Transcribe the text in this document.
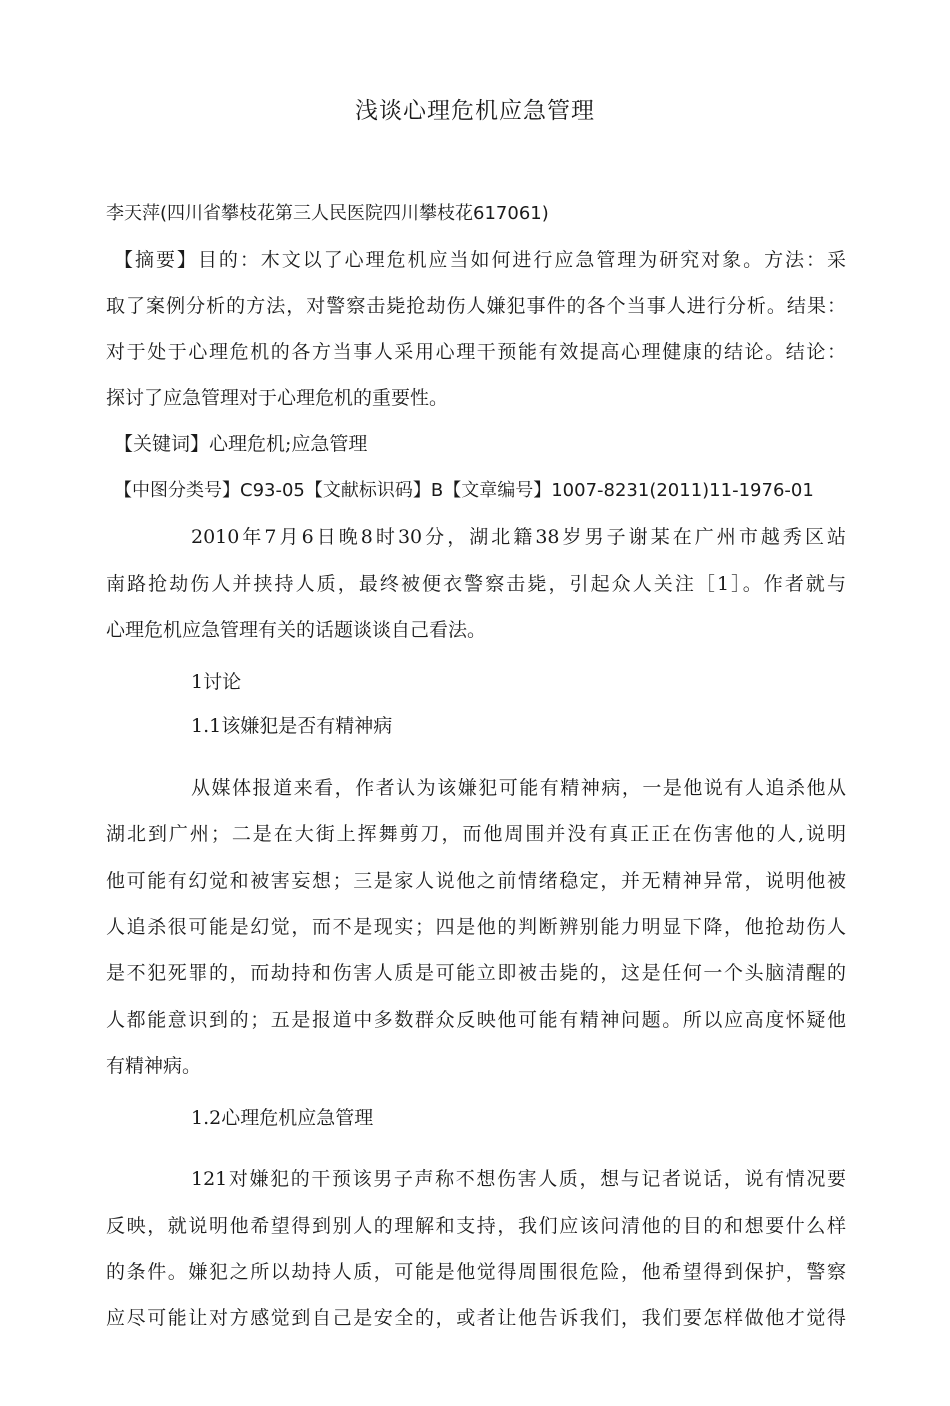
浅谈心理危机应急管理
李天萍(四川省攀枝花第三人民医院四川攀枝花617061)
【摘要】目的：木文以了心理危机应当如何进行应急管理为研究对象。方法：采
取了案例分析的方法，对警察击毙抢劫伤人嫌犯事件的各个当事人进行分析。结果：
对于处于心理危机的各方当事人采用心理干预能有效提高心理健康的结论。结论：
探讨了应急管理对于心理危机的重要性。
【关键词】心理危机;应急管理
【中图分类号】C93-05【文献标识码】B【文章编号】1007-8231(2011)11-1976-01
2010年7月6日晚8时30分，湖北籍38岁男子谢某在广州市越秀区站
南路抢劫伤人并挟持人质，最终被便衣警察击毙，引起众人关注［1］。作者就与
心理危机应急管理有关的话题谈谈自己看法。
1讨论
1.1该嫌犯是否有精神病
从媒体报道来看，作者认为该嫌犯可能有精神病，一是他说有人追杀他从
湖北到广州；二是在大街上挥舞剪刀，而他周围并没有真正正在伤害他的人,说明
他可能有幻觉和被害妄想；三是家人说他之前情绪稳定，并无精神异常，说明他被
人追杀很可能是幻觉，而不是现实；四是他的判断辨别能力明显下降，他抢劫伤人
是不犯死罪的，而劫持和伤害人质是可能立即被击毙的，这是任何一个头脑清醒的
人都能意识到的；五是报道中多数群众反映他可能有精神问题。所以应高度怀疑他
有精神病。
1.2心理危机应急管理
121对嫌犯的干预该男子声称不想伤害人质，想与记者说话，说有情况要
反映，就说明他希望得到别人的理解和支持，我们应该问清他的目的和想要什么样
的条件。嫌犯之所以劫持人质，可能是他觉得周围很危险，他希望得到保护，警察
应尽可能让对方感觉到自己是安全的，或者让他告诉我们，我们要怎样做他才觉得
